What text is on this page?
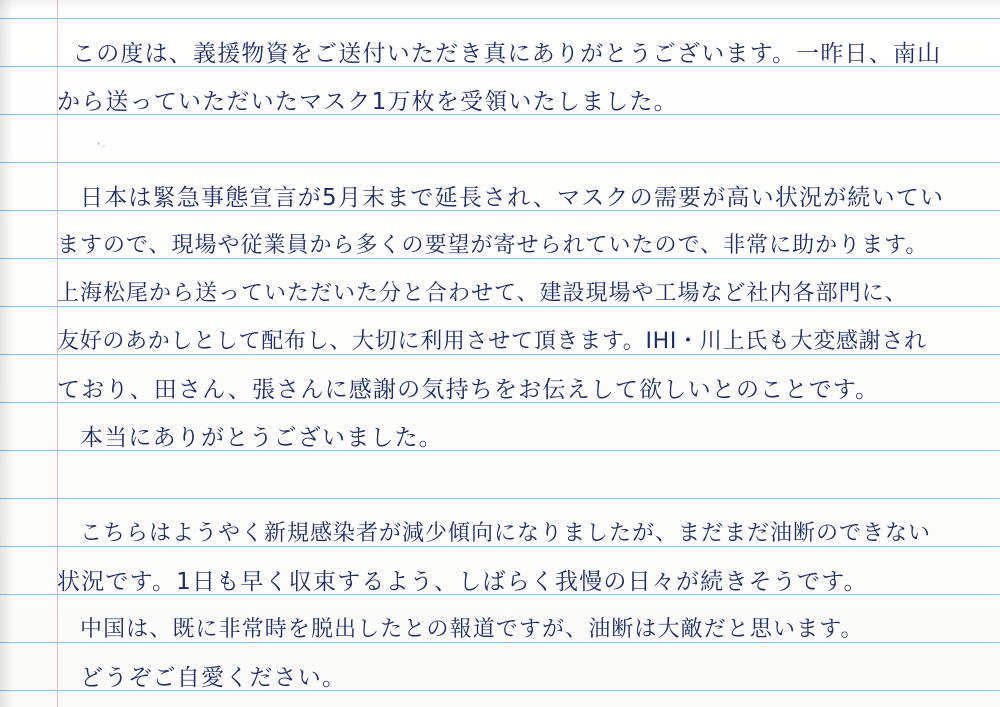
この度は、義援物資をご送付いただき真にありがとうございます。一昨日、南山
から送っていただいたマスク1万枚を受領いたしました。
日本は緊急事態宣言が5月末まで延長され、マスクの需要が高い状況が続いてい
ますので、現場や従業員から多くの要望が寄せられていたので、非常に助かります。
上海松尾から送っていただいた分と合わせて、建設現場や工場など社内各部門に、
友好のあかしとして配布し、大切に利用させて頂きます。IHI・川上氏も大変感謝され
ており、田さん、張さんに感謝の気持ちをお伝えして欲しいとのことです。
本当にありがとうございました。
こちらはようやく新規感染者が減少傾向になりましたが、まだまだ油断のできない
状況です。1日も早く収束するよう、しばらく我慢の日々が続きそうです。
中国は、既に非常時を脱出したとの報道ですが、油断は大敵だと思います。
どうぞご自愛ください。
